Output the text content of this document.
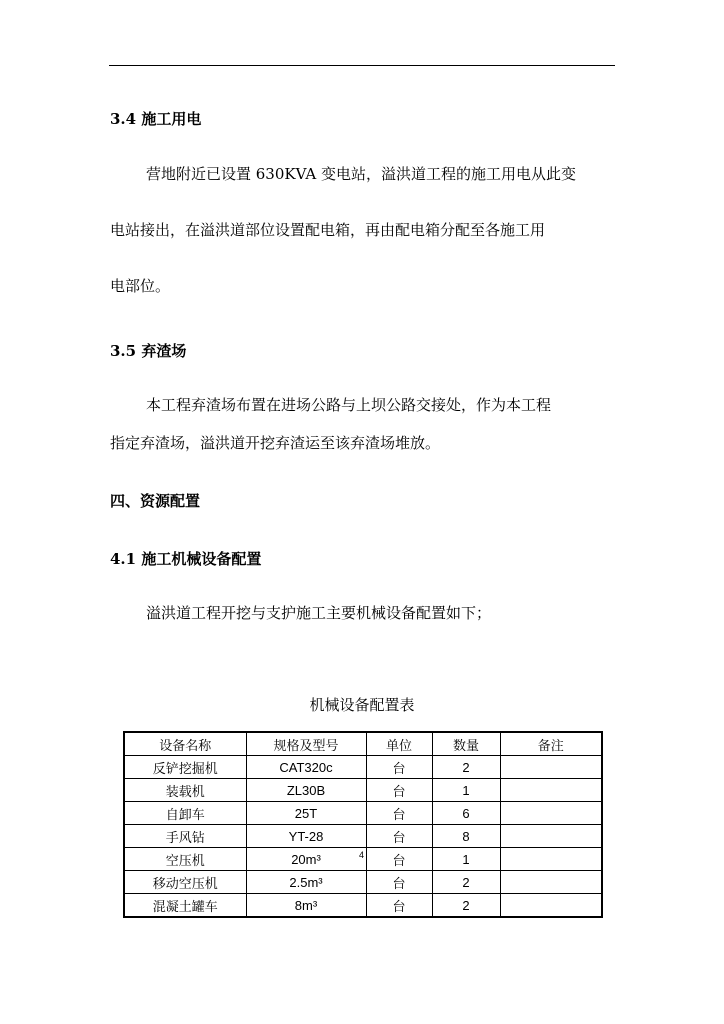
3.4 施工用电
营地附近已设置 630KVA 变电站，溢洪道工程的施工用电从此变
电站接出，在溢洪道部位设置配电箱，再由配电箱分配至各施工用
电部位。
3.5 弃渣场
本工程弃渣场布置在进场公路与上坝公路交接处，作为本工程
指定弃渣场，溢洪道开挖弃渣运至该弃渣场堆放。
四、资源配置
4.1 施工机械设备配置
溢洪道工程开挖与支护施工主要机械设备配置如下；
机械设备配置表
设备名称	规格及型号	单位	数量	备注
反铲挖掘机	CAT320c	台	2	
装载机	ZL30B	台	1	
自卸车	25T	台	6	
手风钻	YT-28	台	8	
空压机	20m³	台	1	
移动空压机	2.5m³	台	2	
混凝土罐车	8m³	台	2	
4
